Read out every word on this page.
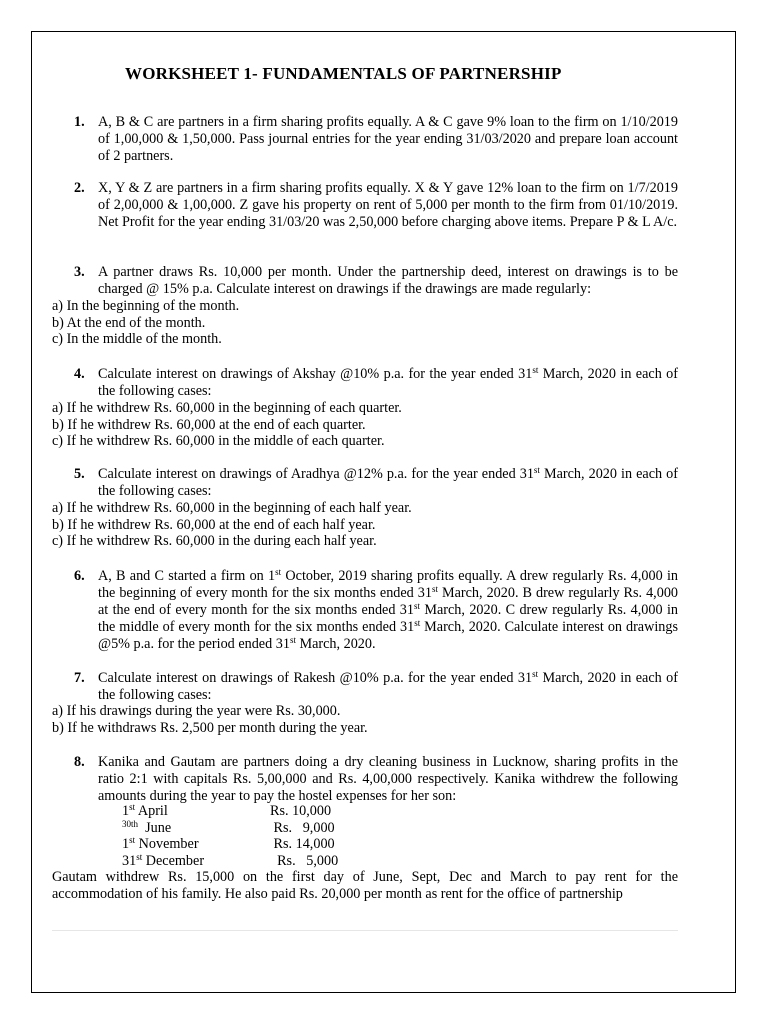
WORKSHEET 1- FUNDAMENTALS OF PARTNERSHIP
1. A, B & C are partners in a firm sharing profits equally. A & C gave 9% loan to the firm on 1/10/2019 of 1,00,000 & 1,50,000. Pass journal entries for the year ending 31/03/2020 and prepare loan account of 2 partners.
2. X, Y & Z are partners in a firm sharing profits equally. X & Y gave 12% loan to the firm on 1/7/2019 of 2,00,000 & 1,00,000. Z gave his property on rent of 5,000 per month to the firm from 01/10/2019. Net Profit for the year ending 31/03/20 was 2,50,000 before charging above items. Prepare P & L A/c.
3. A partner draws Rs. 10,000 per month. Under the partnership deed, interest on drawings is to be charged @ 15% p.a. Calculate interest on drawings if the drawings are made regularly:
a) In the beginning of the month.
b) At the end of the month.
c) In the middle of the month.
4. Calculate interest on drawings of Akshay @10% p.a. for the year ended 31st March, 2020 in each of the following cases:
a) If he withdrew Rs. 60,000 in the beginning of each quarter.
b) If he withdrew Rs. 60,000 at the end of each quarter.
c) If he withdrew Rs. 60,000 in the middle of each quarter.
5. Calculate interest on drawings of Aradhya @12% p.a. for the year ended 31st March, 2020 in each of the following cases:
a) If he withdrew Rs. 60,000 in the beginning of each half year.
b) If he withdrew Rs. 60,000 at the end of each half year.
c) If he withdrew Rs. 60,000 in the during each half year.
6. A, B and C started a firm on 1st October, 2019 sharing profits equally. A drew regularly Rs. 4,000 in the beginning of every month for the six months ended 31st March, 2020. B drew regularly Rs. 4,000 at the end of every month for the six months ended 31st March, 2020. C drew regularly Rs. 4,000 in the middle of every month for the six months ended 31st March, 2020. Calculate interest on drawings @5% p.a. for the period ended 31st March, 2020.
7. Calculate interest on drawings of Rakesh @10% p.a. for the year ended 31st March, 2020 in each of the following cases:
a) If his drawings during the year were Rs. 30,000.
b) If he withdraws Rs. 2,500 per month during the year.
8. Kanika and Gautam are partners doing a dry cleaning business in Lucknow, sharing profits in the ratio 2:1 with capitals Rs. 5,00,000 and Rs. 4,00,000 respectively. Kanika withdrew the following amounts during the year to pay the hostel expenses for her son:
1st April	Rs. 10,000
$^{30th}$  June	Rs.   9,000
1st November	Rs. 14,000
31st December	Rs.   5,000
Gautam withdrew Rs. 15,000 on the first day of June, Sept, Dec and March to pay rent for the accommodation of his family. He also paid Rs. 20,000 per month as rent for the office of partnership
